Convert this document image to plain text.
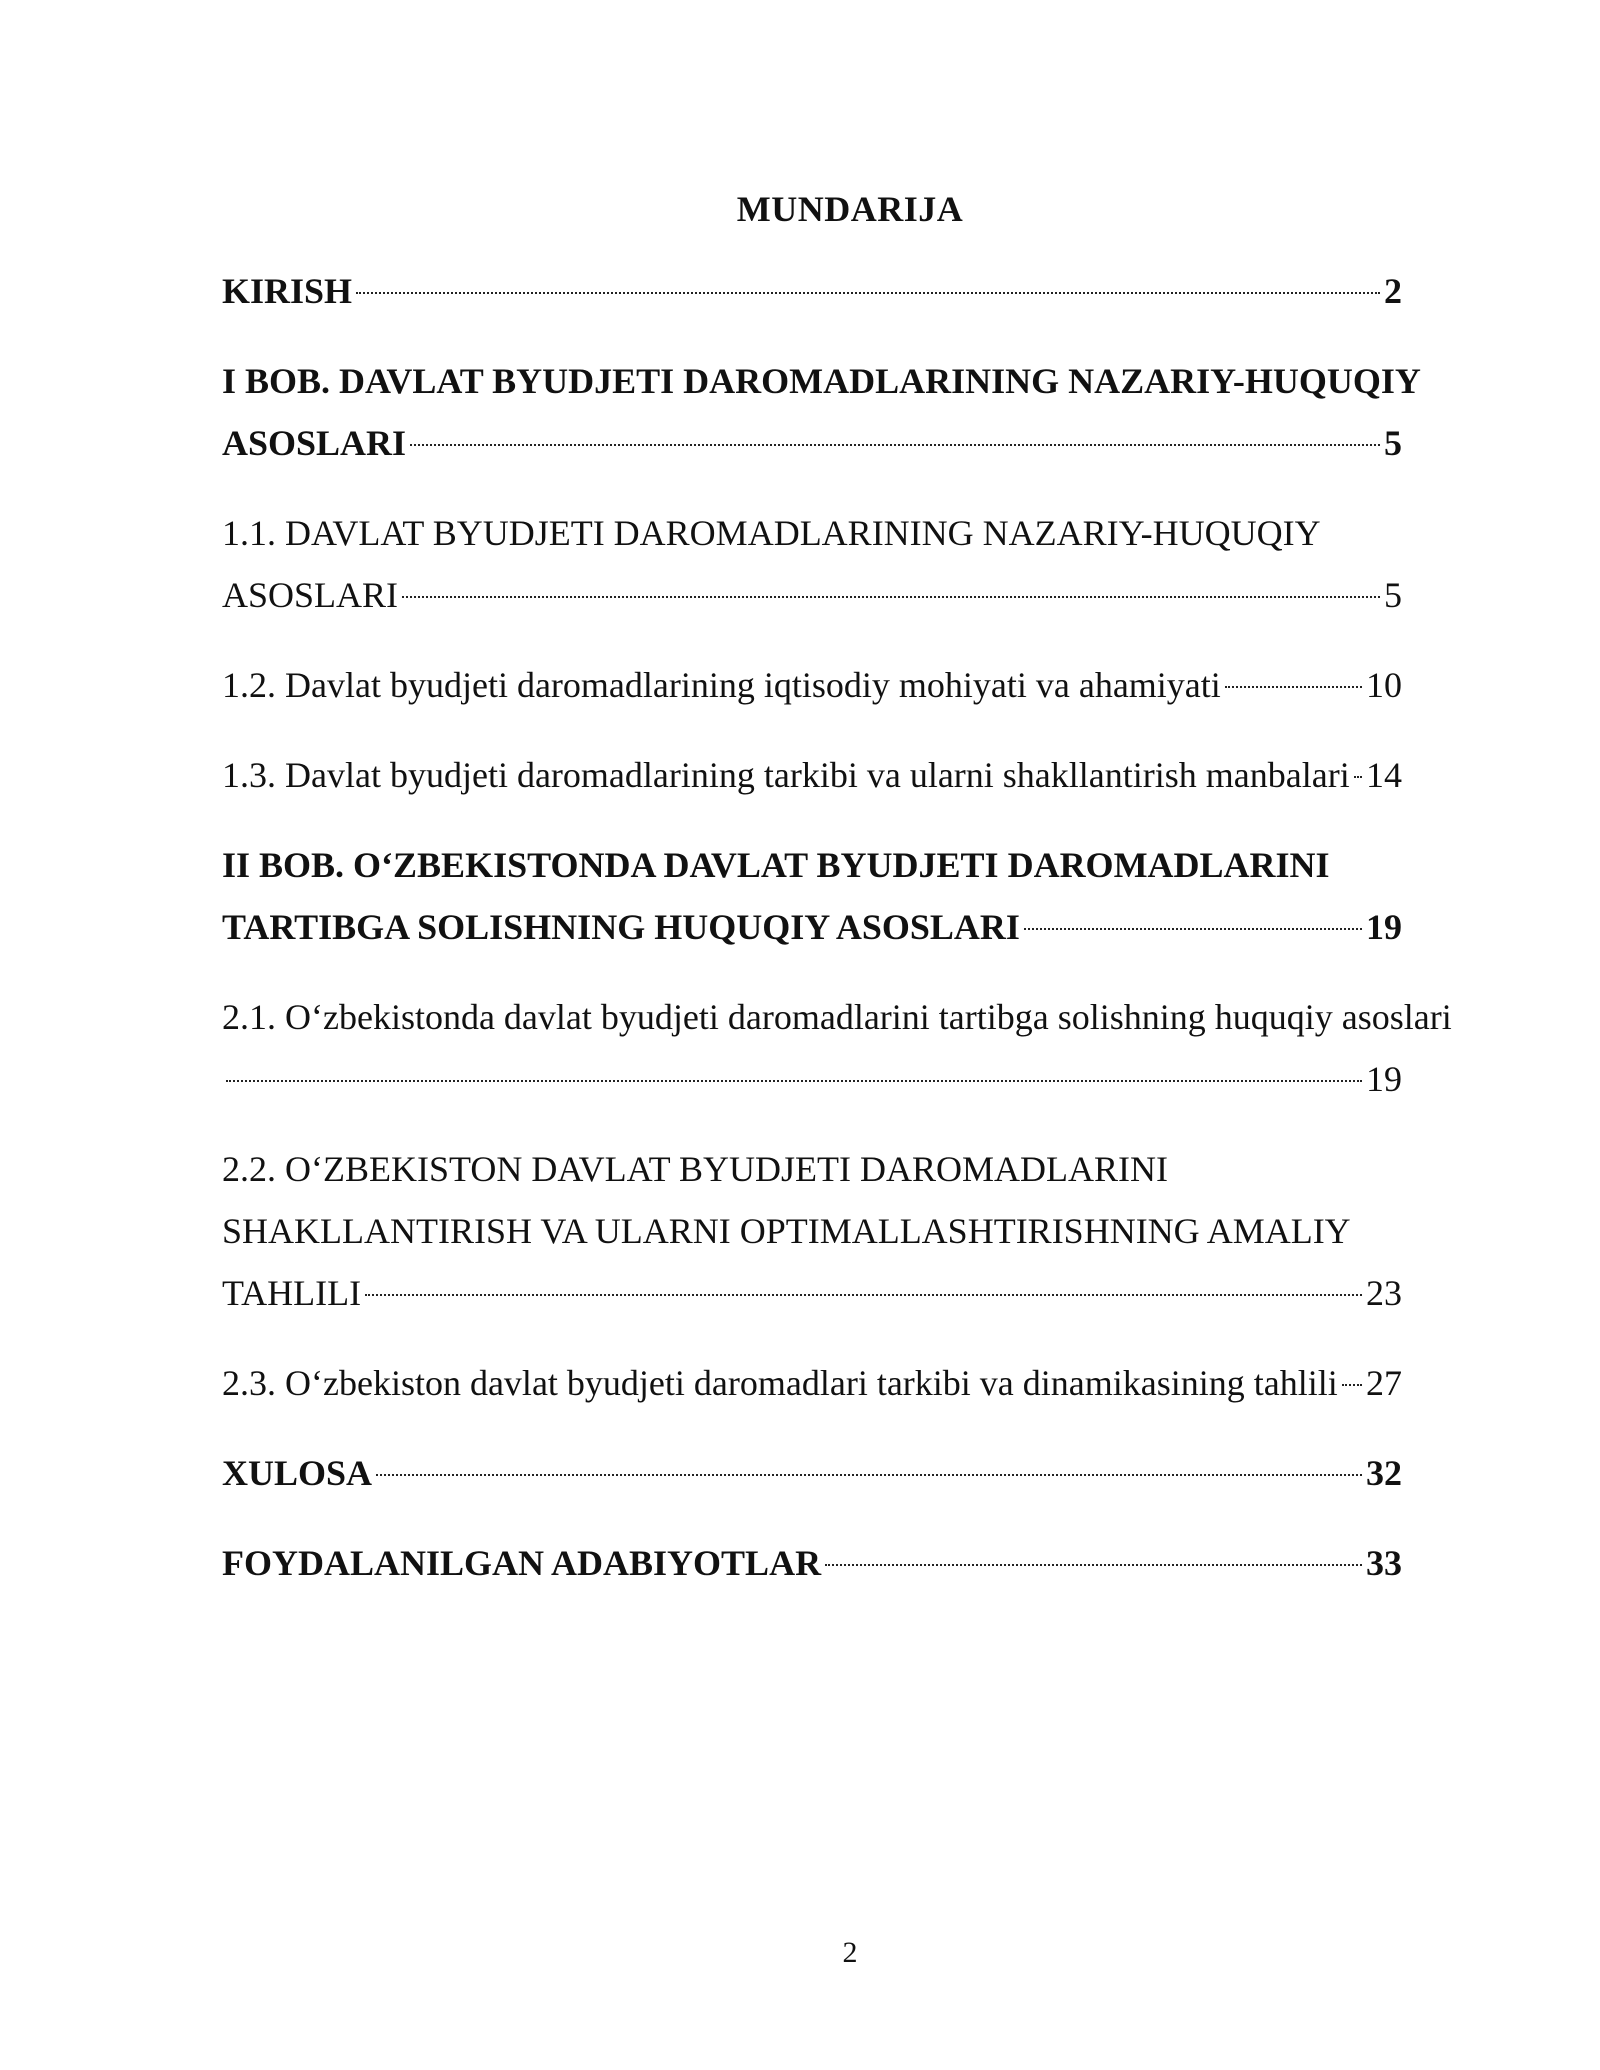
MUNDARIJA
KIRISH	2
I BOB. DAVLAT BYUDJETI DAROMADLARINING NAZARIY-HUQUQIY
ASOSLARI	5
1.1. DAVLAT BYUDJETI DAROMADLARINING NAZARIY-HUQUQIY
ASOSLARI	5
1.2. Davlat byudjeti daromadlarining iqtisodiy mohiyati va ahamiyati	10
1.3. Davlat byudjeti daromadlarining tarkibi va ularni shakllantirish manbalari 14
II BOB. O‘ZBEKISTONDA DAVLAT BYUDJETI DAROMADLARINI
TARTIBGA SOLISHNING HUQUQIY ASOSLARI	19
2.1. O‘zbekistonda davlat byudjeti daromadlarini tartibga solishning huquqiy asoslari
19
2.2. O‘ZBEKISTON DAVLAT BYUDJETI DAROMADLARINI
SHAKLLANTIRISH VA ULARNI OPTIMALLASHTIRISHNING AMALIY
TAHLILI	23
2.3. O‘zbekiston davlat byudjeti daromadlari tarkibi va dinamikasining tahlili 27
XULOSA	32
FOYDALANILGAN ADABIYOTLAR	33
2
